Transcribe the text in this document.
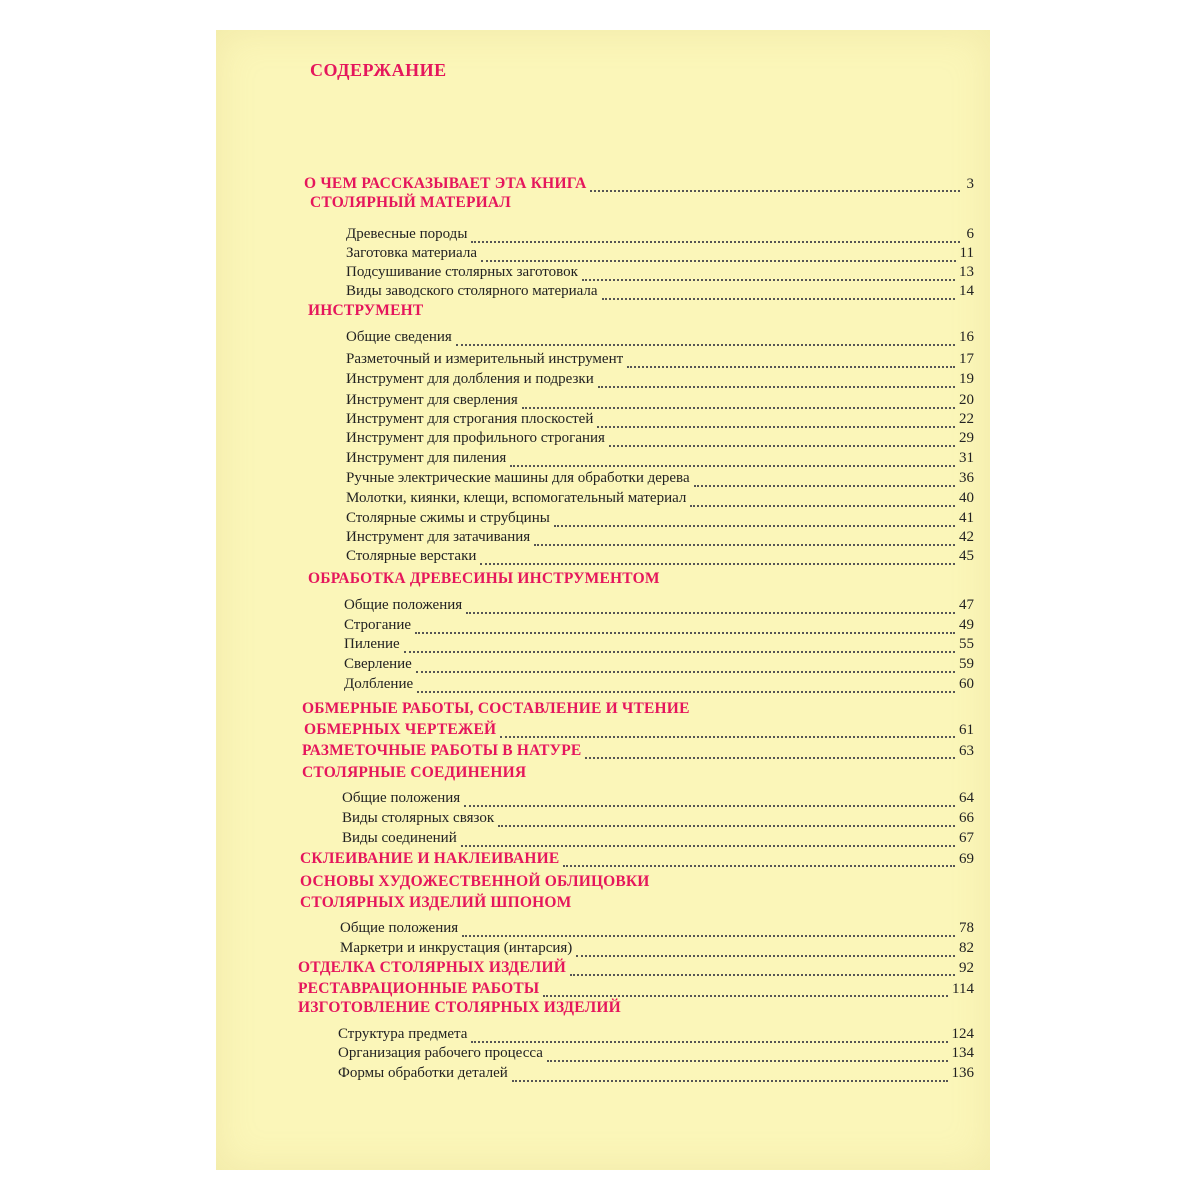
СОДЕРЖАНИЕ
О ЧЕМ РАССКАЗЫВАЕТ ЭТА КНИГА	3
СТОЛЯРНЫЙ МАТЕРИАЛ
Древесные породы	6
Заготовка материала	11
Подсушивание столярных заготовок	13
Виды заводского столярного материала	14
ИНСТРУМЕНТ
Общие сведения	16
Разметочный и измерительный инструмент	17
Инструмент для долбления и подрезки	19
Инструмент для сверления	20
Инструмент для строгания плоскостей	22
Инструмент для профильного строгания	29
Инструмент для пиления	31
Ручные электрические машины для обработки дерева	36
Молотки, киянки, клещи, вспомогательный материал	40
Столярные сжимы и струбцины	41
Инструмент для затачивания	42
Столярные верстаки	45
ОБРАБОТКА ДРЕВЕСИНЫ ИНСТРУМЕНТОМ
Общие положения	47
Строгание	49
Пиление	55
Сверление	59
Долбление	60
ОБМЕРНЫЕ РАБОТЫ, СОСТАВЛЕНИЕ И ЧТЕНИЕ
ОБМЕРНЫХ ЧЕРТЕЖЕЙ	61
РАЗМЕТОЧНЫЕ РАБОТЫ В НАТУРЕ	63
СТОЛЯРНЫЕ СОЕДИНЕНИЯ
Общие положения	64
Виды столярных связок	66
Виды соединений	67
СКЛЕИВАНИЕ И НАКЛЕИВАНИЕ	69
ОСНОВЫ ХУДОЖЕСТВЕННОЙ ОБЛИЦОВКИ
СТОЛЯРНЫХ ИЗДЕЛИЙ ШПОНОМ
Общие положения	78
Маркетри и инкрустация (интарсия)	82
ОТДЕЛКА СТОЛЯРНЫХ ИЗДЕЛИЙ	92
РЕСТАВРАЦИОННЫЕ РАБОТЫ	114
ИЗГОТОВЛЕНИЕ СТОЛЯРНЫХ ИЗДЕЛИЙ
Структура предмета	124
Организация рабочего процесса	134
Формы обработки деталей	136
